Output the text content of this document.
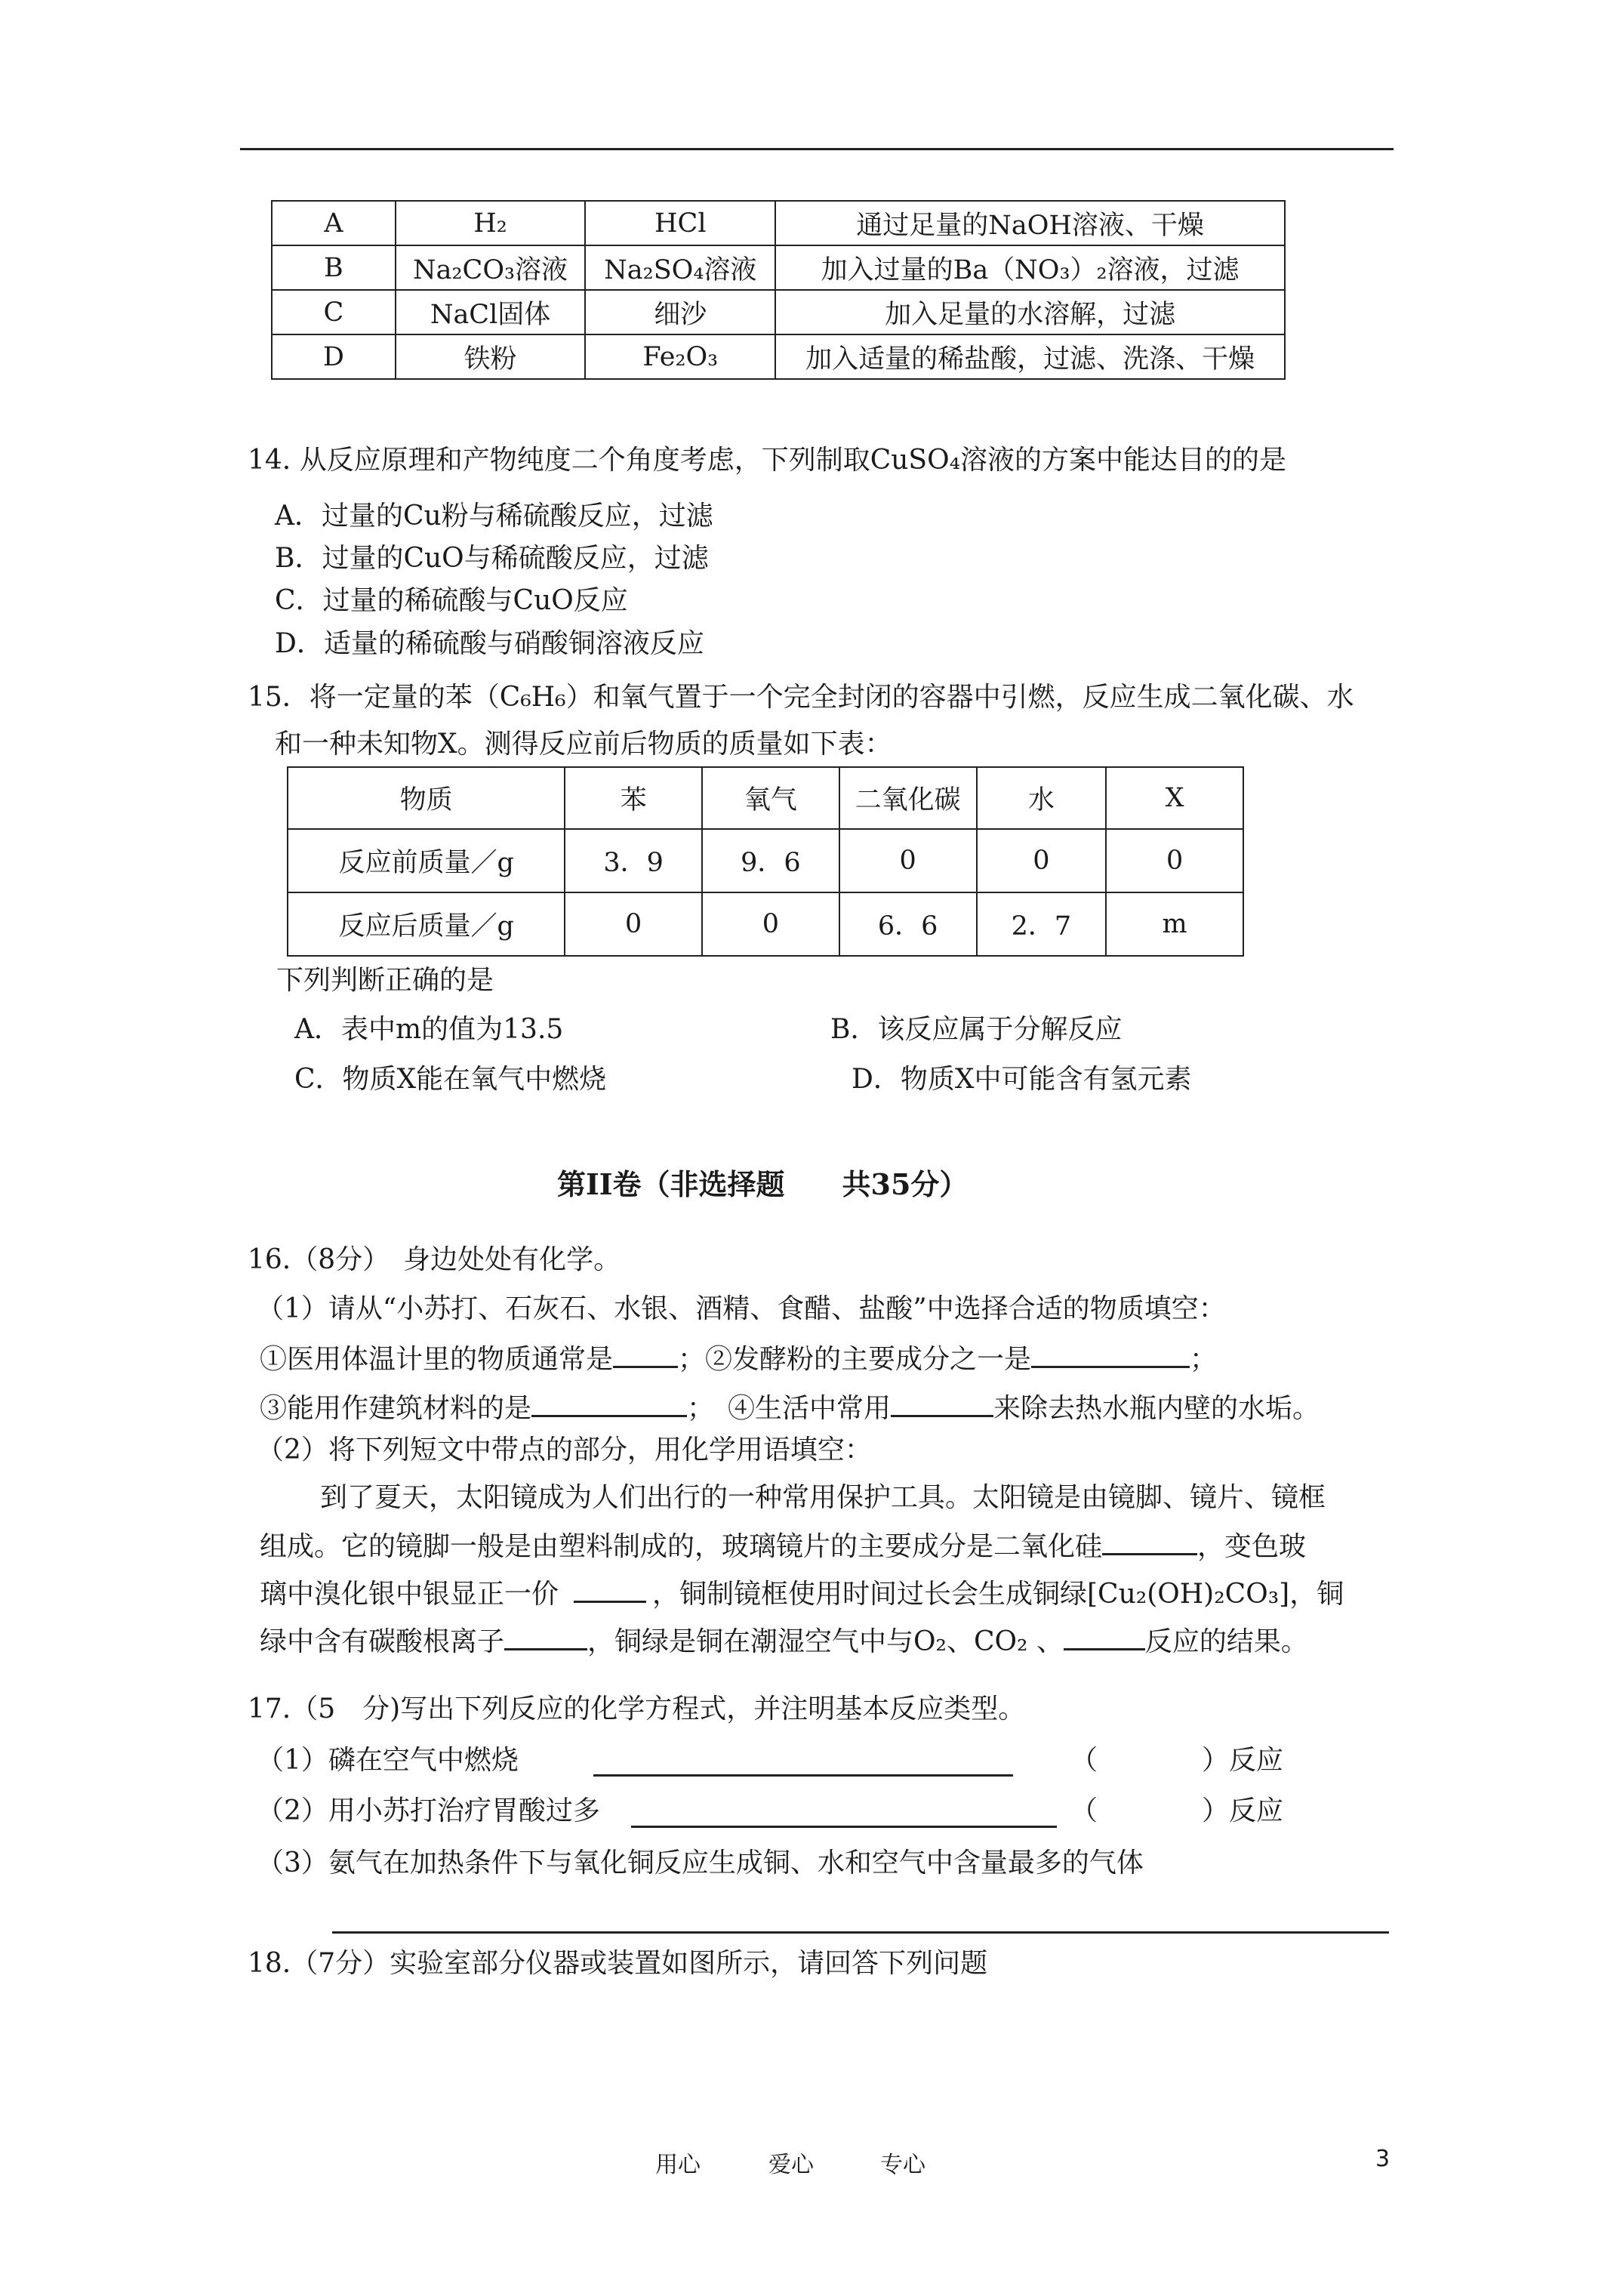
A	H₂	HCl	通过足量的NaOH溶液、干燥
B	Na₂CO₃溶液	Na₂SO₄溶液	加入过量的Ba（NO₃）₂溶液，过滤
C	NaCl固体	细沙	加入足量的水溶解，过滤
D	铁粉	Fe₂O₃	加入适量的稀盐酸，过滤、洗涤、干燥
14. 从反应原理和产物纯度二个角度考虑，下列制取CuSO₄溶液的方案中能达目的的是
A．过量的Cu粉与稀硫酸反应，过滤
B．过量的CuO与稀硫酸反应，过滤
C．过量的稀硫酸与CuO反应
D．适量的稀硫酸与硝酸铜溶液反应
15．将一定量的苯（C₆H₆）和氧气置于一个完全封闭的容器中引燃，反应生成二氧化碳、水
和一种未知物X。测得反应前后物质的质量如下表：
物质	苯	氧气	二氧化碳	水	X
反应前质量／g	3．9	9．6	0	0	0
反应后质量／g	0	0	6．6	2．7	m
下列判断正确的是
A．表中m的值为13.5	B．该反应属于分解反应
C．物质X能在氧气中燃烧	D．物质X中可能含有氢元素
第II卷（非选择题　　共35分）
16.（8分）　身边处处有化学。
（1）请从“小苏打、石灰石、水银、酒精、食醋、盐酸”中选择合适的物质填空：
①医用体温计里的物质通常是 ；②发酵粉的主要成分之一是	；
③能用作建筑材料的是	；　④生活中常用	来除去热水瓶内壁的水垢。
（2）将下列短文中带点的部分，用化学用语填空：
到了夏天，太阳镜成为人们出行的一种常用保护工具。太阳镜是由镜脚、镜片、镜框
组成。它的镜脚一般是由塑料制成的，玻璃镜片的主要成分是二氧化硅	，变色玻
璃中溴化银中银显正一价	，铜制镜框使用时间过长会生成铜绿[Cu₂(OH)₂CO₃]，铜
绿中含有碳酸根离子	，铜绿是铜在潮湿空气中与O₂、CO₂ 、	反应的结果。
17.（5　分)写出下列反应的化学方程式，并注明基本反应类型。
（1）磷在空气中燃烧	（	）反应
（2）用小苏打治疗胃酸过多	（	）反应
（3）氨气在加热条件下与氧化铜反应生成铜、水和空气中含量最多的气体
18.（7分）实验室部分仪器或装置如图所示，请回答下列问题
用心	爱心	专心	3
